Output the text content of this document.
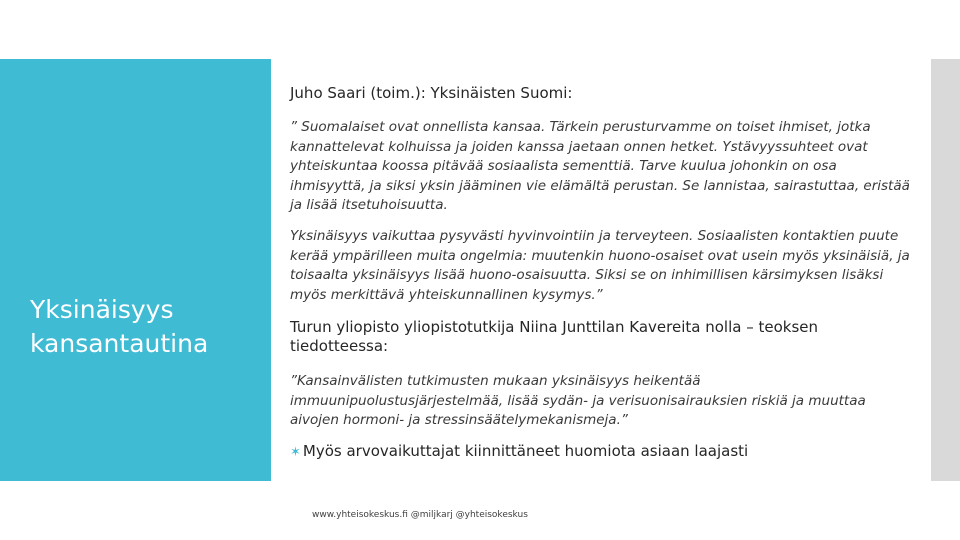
Yksinäisyys kansantautina

Juho Saari (toim.): Yksinäisten Suomi:

” Suomalaiset ovat onnellista kansaa. Tärkein perusturvamme on toiset ihmiset, jotka kannattelevat kolhuissa ja joiden kanssa jaetaan onnen hetket. Ystävyyssuhteet ovat yhteiskuntaa koossa pitävää sosiaalista sementtiä. Tarve kuulua johonkin on osa ihmisyyttä, ja siksi yksin jääminen vie elämältä perustan. Se lannistaa, sairastuttaa, eristää ja lisää itsetuhoisuutta.

Yksinäisyys vaikuttaa pysyvästi hyvinvointiin ja terveyteen. Sosiaalisten kontaktien puute kerää ympärilleen muita ongelmia: muutenkin huono-osaiset ovat usein myös yksinäisiä, ja toisaalta yksinäisyys lisää huono-osaisuutta. Siksi se on inhimillisen kärsimyksen lisäksi myös merkittävä yhteiskunnallinen kysymys.”

Turun yliopisto yliopistotutkija Niina Junttilan Kavereita nolla – teoksen tiedotteessa:

”Kansainvälisten tutkimusten mukaan yksinäisyys heikentää immuunipuolustusjärjestelmää, lisää sydän- ja verisuonisairauksien riskiä ja muuttaa aivojen hormoni- ja stressinsäätelymekanismeja.”

✶ Myös arvovaikuttajat kiinnittäneet huomiota asiaan laajasti
www.yhteisokeskus.fi @miljkarj @yhteisokeskus
